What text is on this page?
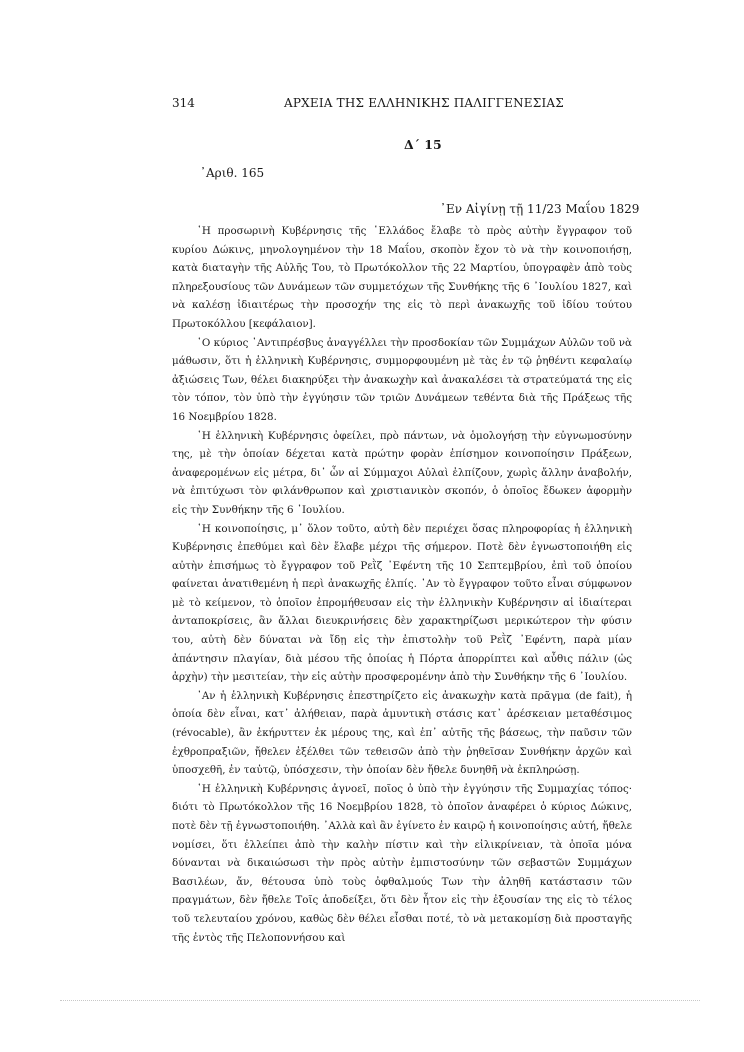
314	ΑΡΧΕΙΑ ΤΗΣ ΕΛΛΗΝΙΚΗΣ ΠΑΛΙΓΓΕΝΕΣΙΑΣ
Δ΄ 15
᾿Αριθ. 165
᾿Εν Αἰγίνῃ τῇ 11/23 Μαΐου 1829

῾Η προσωρινὴ Κυβέρνησις τῆς ῾Ελλάδος ἔλαβε τὸ πρὸς αὐτὴν ἔγγραφον τοῦ κυρίου Δώκινς, μηνολογημένον τὴν 18 Μαΐου, σκοπὸν ἔχον τὸ νὰ τὴν κοινοποιήσῃ, κατὰ διαταγὴν τῆς Αὐλῆς Του, τὸ Πρωτόκολλον τῆς 22 Μαρτίου, ὑπογραφὲν ἀπὸ τοὺς πληρεξουσίους τῶν Δυνάμεων τῶν συμμετόχων τῆς Συνθήκης τῆς 6 ᾿Ιουλίου 1827, καὶ νὰ καλέσῃ ἰδιαιτέρως τὴν προσοχήν της εἰς τὸ περὶ ἀνακωχῆς τοῦ ἰδίου τούτου Πρωτοκόλλου [κεφάλαιον].

῾Ο κύριος ᾿Αντιπρέσβυς ἀναγγέλλει τὴν προσδοκίαν τῶν Συμμάχων Αὐλῶν τοῦ νὰ μάθωσιν, ὅτι ἡ ἑλληνικὴ Κυβέρνησις, συμμορφουμένη μὲ τὰς ἐν τῷ ῥηθέντι κεφαλαίῳ ἀξιώσεις Των, θέλει διακηρύξει τὴν ἀνακωχὴν καὶ ἀνακαλέσει τὰ στρατεύματά της εἰς τὸν τόπον, τὸν ὑπὸ τὴν ἐγγύησιν τῶν τριῶν Δυνάμεων τεθέντα διὰ τῆς Πράξεως τῆς 16 Νοεμβρίου 1828.

῾Η ἑλληνικὴ Κυβέρνησις ὀφείλει, πρὸ πάντων, νὰ ὁμολογήσῃ τὴν εὐγνωμοσύνην της, μὲ τὴν ὁποίαν δέχεται κατὰ πρώτην φορὰν ἐπίσημον κοινοποίησιν Πράξεων, ἀναφερομένων εἰς μέτρα, δι᾿ ὧν αἱ Σύμμαχοι Αὐλαὶ ἐλπίζουν, χωρὶς ἄλλην ἀναβολήν, νὰ ἐπιτύχωσι τὸν φιλάνθρωπον καὶ χριστιανικὸν σκοπόν, ὁ ὁποῖος ἔδωκεν ἀφορμὴν εἰς τὴν Συνθήκην τῆς 6 ᾿Ιουλίου.

῾Η κοινοποίησις, μ᾿ ὅλον τοῦτο, αὐτὴ δὲν περιέχει ὅσας πληροφορίας ἡ ἑλληνικὴ Κυβέρνησις ἐπεθύμει καὶ δὲν ἔλαβε μέχρι τῆς σήμερον. Ποτὲ δὲν ἐγνωστοποιήθη εἰς αὐτὴν ἐπισήμως τὸ ἔγγραφον τοῦ Ρεῒζ ᾿Εφέντη τῆς 10 Σεπτεμβρίου, ἐπὶ τοῦ ὁποίου φαίνεται ἀνατιθεμένη ἡ περὶ ἀνακωχῆς ἐλπίς. ᾿Αν τὸ ἔγγραφον τοῦτο εἶναι σύμφωνον μὲ τὸ κείμενον, τὸ ὁποῖον ἐπρομήθευσαν εἰς τὴν ἑλληνικὴν Κυβέρνησιν αἱ ἰδιαίτεραι ἀνταποκρίσεις, ἂν ἄλλαι διευκρινήσεις δὲν χαρακτηρίζωσι μερικώτερον τὴν φύσιν του, αὐτὴ δὲν δύναται νὰ ἴδῃ εἰς τὴν ἐπιστολὴν τοῦ Ρεῒζ ᾿Εφέντη, παρὰ μίαν ἀπάντησιν πλαγίαν, διὰ μέσου τῆς ὁποίας ἡ Πόρτα ἀπορρίπτει καὶ αὖθις πάλιν (ὡς ἀρχὴν) τὴν μεσιτείαν, τὴν εἰς αὐτὴν προσφερομένην ἀπὸ τὴν Συνθήκην τῆς 6 ᾿Ιουλίου.

᾿Αν ἡ ἑλληνικὴ Κυβέρνησις ἐπεστηρίζετο εἰς ἀνακωχὴν κατὰ πρᾶγμα (de fait), ἡ ὁποία δὲν εἶναι, κατ᾿ ἀλήθειαν, παρὰ ἀμυντικὴ στάσις κατ᾿ ἀρέσκειαν μεταθέσιμος (révocable), ἂν ἐκήρυττεν ἐκ μέρους της, καὶ ἐπ᾿ αὐτῆς τῆς βάσεως, τὴν παῦσιν τῶν ἐχθροπραξιῶν, ἤθελεν ἐξέλθει τῶν τεθεισῶν ἀπὸ τὴν ῥηθεῖσαν Συνθήκην ἀρχῶν καὶ ὑποσχεθῆ, ἐν ταὐτῷ, ὑπόσχεσιν, τὴν ὁποίαν δὲν ἤθελε δυνηθῆ νὰ ἐκπληρώσῃ.

῾Η ἑλληνικὴ Κυβέρνησις ἀγνοεῖ, ποῖος ὁ ὑπὸ τὴν ἐγγύησιν τῆς Συμμαχίας τόπος· διότι τὸ Πρωτόκολλον τῆς 16 Νοεμβρίου 1828, τὸ ὁποῖον ἀναφέρει ὁ κύριος Δώκινς, ποτὲ δὲν τῇ ἐγνωστοποιήθη. ᾿Αλλὰ καὶ ἂν ἐγίνετο ἐν καιρῷ ἡ κοινοποίησις αὐτή, ἤθελε νομίσει, ὅτι ἐλλείπει ἀπὸ τὴν καλὴν πίστιν καὶ τὴν εἰλικρίνειαν, τὰ ὁποῖα μόνα δύνανται νὰ δικαιώσωσι τὴν πρὸς αὐτὴν ἐμπιστοσύνην τῶν σεβαστῶν Συμμάχων Βασιλέων, ἄν, θέτουσα ὑπὸ τοὺς ὀφθαλμούς Των τὴν ἀληθῆ κατάστασιν τῶν πραγμάτων, δὲν ἤθελε Τοῖς ἀποδείξει, ὅτι δὲν ἦτον εἰς τὴν ἐξουσίαν της εἰς τὸ τέλος τοῦ τελευταίου χρόνου, καθὼς δὲν θέλει εἶσθαι ποτέ, τὸ νὰ μετακομίσῃ διὰ προσταγῆς τῆς ἐντὸς τῆς Πελοποννήσου καὶ
